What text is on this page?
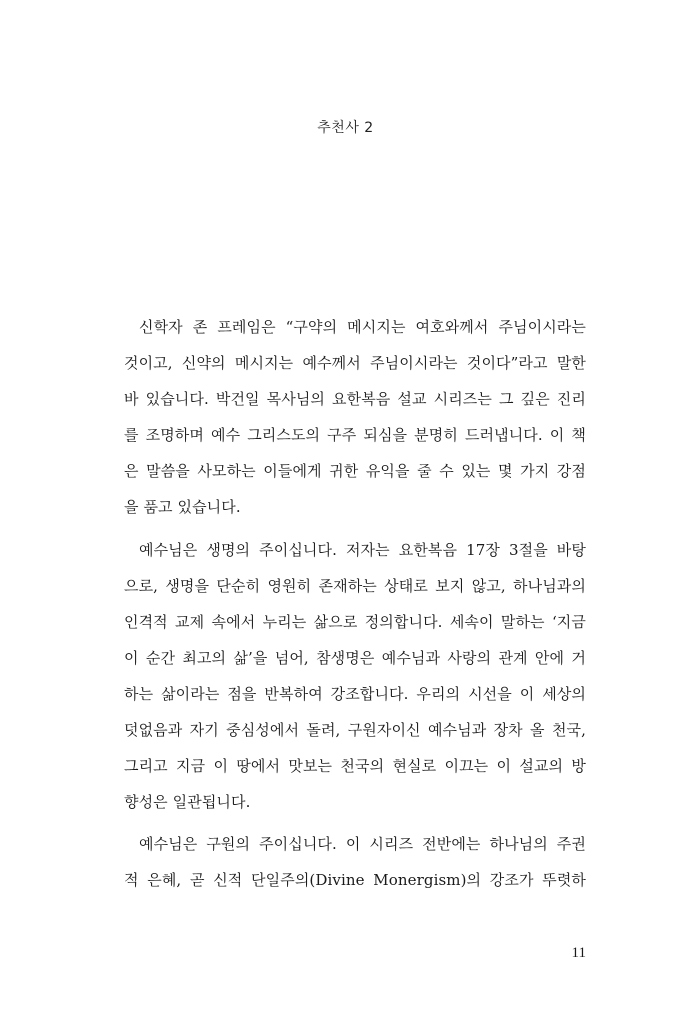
추천사 2
신학자 존 프레임은 “구약의 메시지는 여호와께서 주님이시라는
것이고, 신약의 메시지는 예수께서 주님이시라는 것이다”라고 말한
바 있습니다. 박건일 목사님의 요한복음 설교 시리즈는 그 깊은 진리
를 조명하며 예수 그리스도의 구주 되심을 분명히 드러냅니다. 이 책
은 말씀을 사모하는 이들에게 귀한 유익을 줄 수 있는 몇 가지 강점
을 품고 있습니다.
예수님은 생명의 주이십니다. 저자는 요한복음 17장 3절을 바탕
으로, 생명을 단순히 영원히 존재하는 상태로 보지 않고, 하나님과의
인격적 교제 속에서 누리는 삶으로 정의합니다. 세속이 말하는 ‘지금
이 순간 최고의 삶’을 넘어, 참생명은 예수님과 사랑의 관계 안에 거
하는 삶이라는 점을 반복하여 강조합니다. 우리의 시선을 이 세상의
덧없음과 자기 중심성에서 돌려, 구원자이신 예수님과 장차 올 천국,
그리고 지금 이 땅에서 맛보는 천국의 현실로 이끄는 이 설교의 방
향성은 일관됩니다.
예수님은 구원의 주이십니다. 이 시리즈 전반에는 하나님의 주권
적 은혜, 곧 신적 단일주의(Divine Monergism)의 강조가 뚜렷하
11
